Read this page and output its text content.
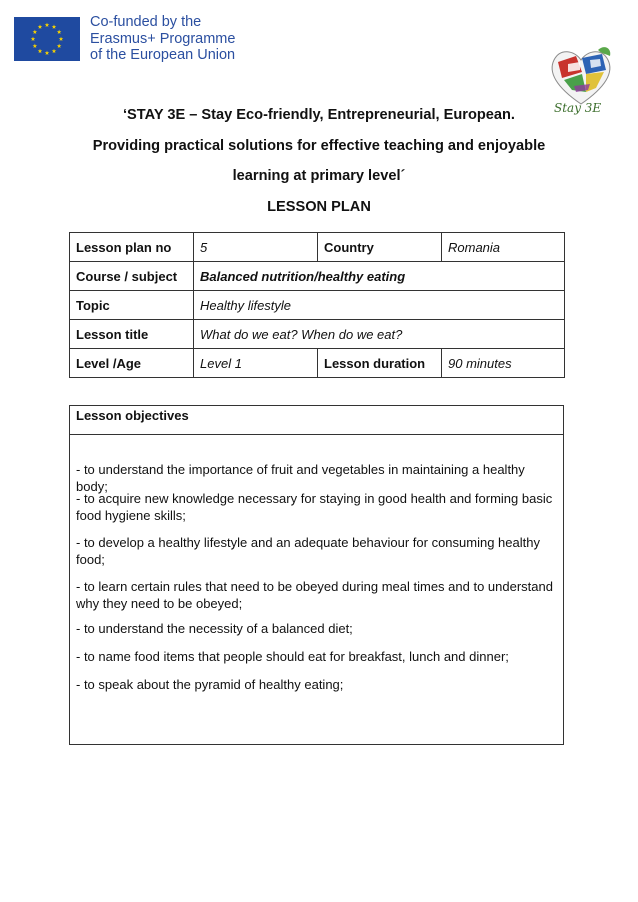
Co-funded by the
Erasmus+ Programme
of the European Union
Stay 3E
‘STAY 3E – Stay Eco-friendly, Entrepreneurial, European.
Providing practical solutions for effective teaching and enjoyable
learning at primary level´
LESSON PLAN
Lesson plan no	5	Country	Romania
Course / subject	Balanced nutrition/healthy eating		
Topic	Healthy lifestyle		
Lesson title	What do we eat? When do we eat?		
Level /Age	Level 1	Lesson duration	90 minutes
Lesson objectives
- to understand the importance of fruit and vegetables in maintaining a healthy body;
- to acquire new knowledge necessary for staying in good health and forming basic food hygiene skills;
- to develop a healthy lifestyle and an adequate behaviour for consuming healthy food;
- to learn certain rules that need to be obeyed during meal times and to understand why they need to be obeyed;
- to understand the necessity of a balanced diet;
- to name food items that people should eat for breakfast, lunch and dinner;
- to speak about the pyramid of healthy eating;
